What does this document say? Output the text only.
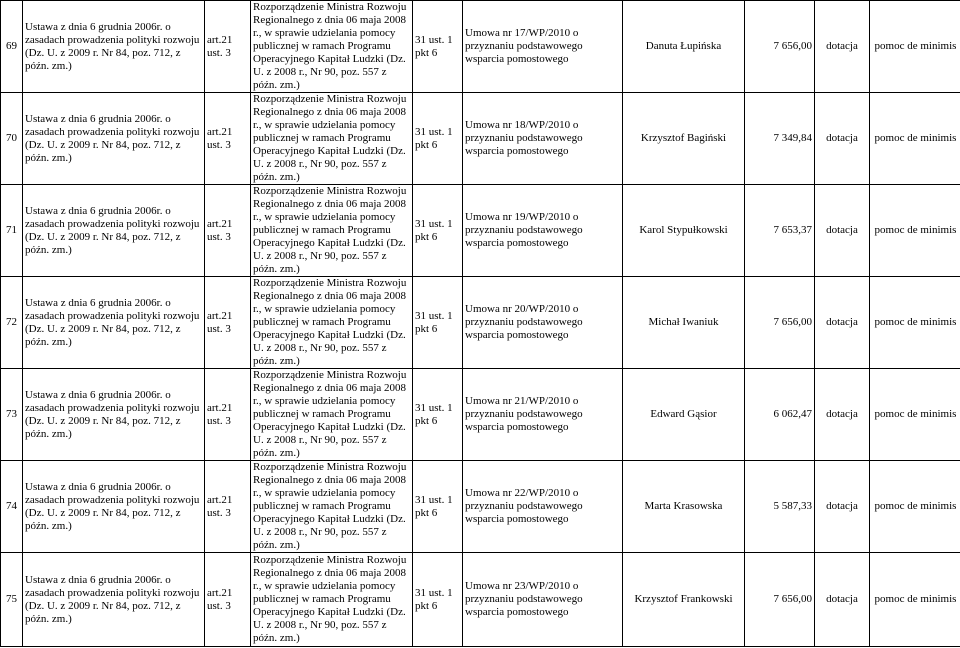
69	Ustawa z dnia 6 grudnia 2006r. o zasadach prowadzenia polityki rozwoju (Dz. U. z 2009 r. Nr 84, poz. 712, z późn. zm.)	art.21 ust. 3	Rozporządzenie Ministra Rozwoju Regionalnego z dnia 06 maja 2008 r., w sprawie udzielania pomocy publicznej w ramach Programu Operacyjnego Kapitał Ludzki (Dz. U. z 2008 r., Nr 90, poz. 557 z późn. zm.)	31 ust. 1 pkt 6	Umowa nr 17/WP/2010 o przyznaniu podstawowego wsparcia pomostowego	Danuta Łupińska	7 656,00	dotacja	pomoc de minimis
70	Ustawa z dnia 6 grudnia 2006r. o zasadach prowadzenia polityki rozwoju (Dz. U. z 2009 r. Nr 84, poz. 712, z późn. zm.)	art.21 ust. 3	Rozporządzenie Ministra Rozwoju Regionalnego z dnia 06 maja 2008 r., w sprawie udzielania pomocy publicznej w ramach Programu Operacyjnego Kapitał Ludzki (Dz. U. z 2008 r., Nr 90, poz. 557 z późn. zm.)	31 ust. 1 pkt 6	Umowa nr 18/WP/2010 o przyznaniu podstawowego wsparcia pomostowego	Krzysztof Bagiński	7 349,84	dotacja	pomoc de minimis
71	Ustawa z dnia 6 grudnia 2006r. o zasadach prowadzenia polityki rozwoju (Dz. U. z 2009 r. Nr 84, poz. 712, z późn. zm.)	art.21 ust. 3	Rozporządzenie Ministra Rozwoju Regionalnego z dnia 06 maja 2008 r., w sprawie udzielania pomocy publicznej w ramach Programu Operacyjnego Kapitał Ludzki (Dz. U. z 2008 r., Nr 90, poz. 557 z późn. zm.)	31 ust. 1 pkt 6	Umowa nr 19/WP/2010 o przyznaniu podstawowego wsparcia pomostowego	Karol Stypułkowski	7 653,37	dotacja	pomoc de minimis
72	Ustawa z dnia 6 grudnia 2006r. o zasadach prowadzenia polityki rozwoju (Dz. U. z 2009 r. Nr 84, poz. 712, z późn. zm.)	art.21 ust. 3	Rozporządzenie Ministra Rozwoju Regionalnego z dnia 06 maja 2008 r., w sprawie udzielania pomocy publicznej w ramach Programu Operacyjnego Kapitał Ludzki (Dz. U. z 2008 r., Nr 90, poz. 557 z późn. zm.)	31 ust. 1 pkt 6	Umowa nr 20/WP/2010 o przyznaniu podstawowego wsparcia pomostowego	Michał Iwaniuk	7 656,00	dotacja	pomoc de minimis
73	Ustawa z dnia 6 grudnia 2006r. o zasadach prowadzenia polityki rozwoju (Dz. U. z 2009 r. Nr 84, poz. 712, z późn. zm.)	art.21 ust. 3	Rozporządzenie Ministra Rozwoju Regionalnego z dnia 06 maja 2008 r., w sprawie udzielania pomocy publicznej w ramach Programu Operacyjnego Kapitał Ludzki (Dz. U. z 2008 r., Nr 90, poz. 557 z późn. zm.)	31 ust. 1 pkt 6	Umowa nr 21/WP/2010 o przyznaniu podstawowego wsparcia pomostowego	Edward Gąsior	6 062,47	dotacja	pomoc de minimis
74	Ustawa z dnia 6 grudnia 2006r. o zasadach prowadzenia polityki rozwoju (Dz. U. z 2009 r. Nr 84, poz. 712, z późn. zm.)	art.21 ust. 3	Rozporządzenie Ministra Rozwoju Regionalnego z dnia 06 maja 2008 r., w sprawie udzielania pomocy publicznej w ramach Programu Operacyjnego Kapitał Ludzki (Dz. U. z 2008 r., Nr 90, poz. 557 z późn. zm.)	31 ust. 1 pkt 6	Umowa nr 22/WP/2010 o przyznaniu podstawowego wsparcia pomostowego	Marta Krasowska	5 587,33	dotacja	pomoc de minimis
75	Ustawa z dnia 6 grudnia 2006r. o zasadach prowadzenia polityki rozwoju (Dz. U. z 2009 r. Nr 84, poz. 712, z późn. zm.)	art.21 ust. 3	Rozporządzenie Ministra Rozwoju Regionalnego z dnia 06 maja 2008 r., w sprawie udzielania pomocy publicznej w ramach Programu Operacyjnego Kapitał Ludzki (Dz. U. z 2008 r., Nr 90, poz. 557 z późn. zm.)	31 ust. 1 pkt 6	Umowa nr 23/WP/2010 o przyznaniu podstawowego wsparcia pomostowego	Krzysztof Frankowski	7 656,00	dotacja	pomoc de minimis
